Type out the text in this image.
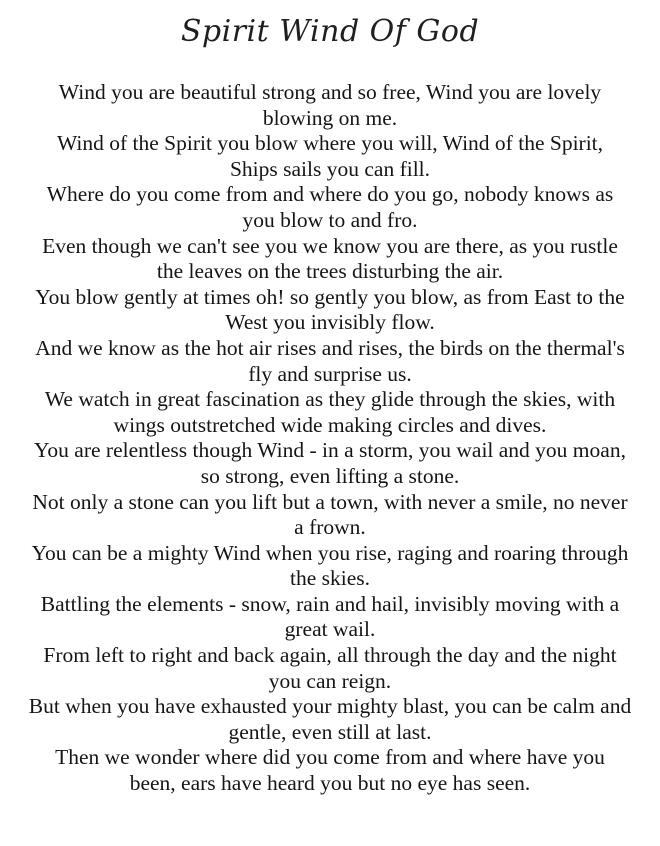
Spirit Wind Of God
Wind you are beautiful strong and so free, Wind you are lovely
blowing on me.
Wind of the Spirit you blow where you will, Wind of the Spirit,
Ships sails you can fill.
Where do you come from and where do you go, nobody knows as
you blow to and fro.
Even though we can't see you we know you are there, as you rustle
the leaves on the trees disturbing the air.
You blow gently at times oh! so gently you blow, as from East to the
West you invisibly flow.
And we know as the hot air rises and rises, the birds on the thermal's
fly and surprise us.
We watch in great fascination as they glide through the skies, with
wings outstretched wide making circles and dives.
You are relentless though Wind - in a storm, you wail and you moan,
so strong, even lifting a stone.
Not only a stone can you lift but a town, with never a smile, no never
a frown.
You can be a mighty Wind when you rise, raging and roaring through
the skies.
Battling the elements - snow, rain and hail, invisibly moving with a
great wail.
From left to right and back again, all through the day and the night
you can reign.
But when you have exhausted your mighty blast, you can be calm and
gentle, even still at last.
Then we wonder where did you come from and where have you
been, ears have heard you but no eye has seen.
